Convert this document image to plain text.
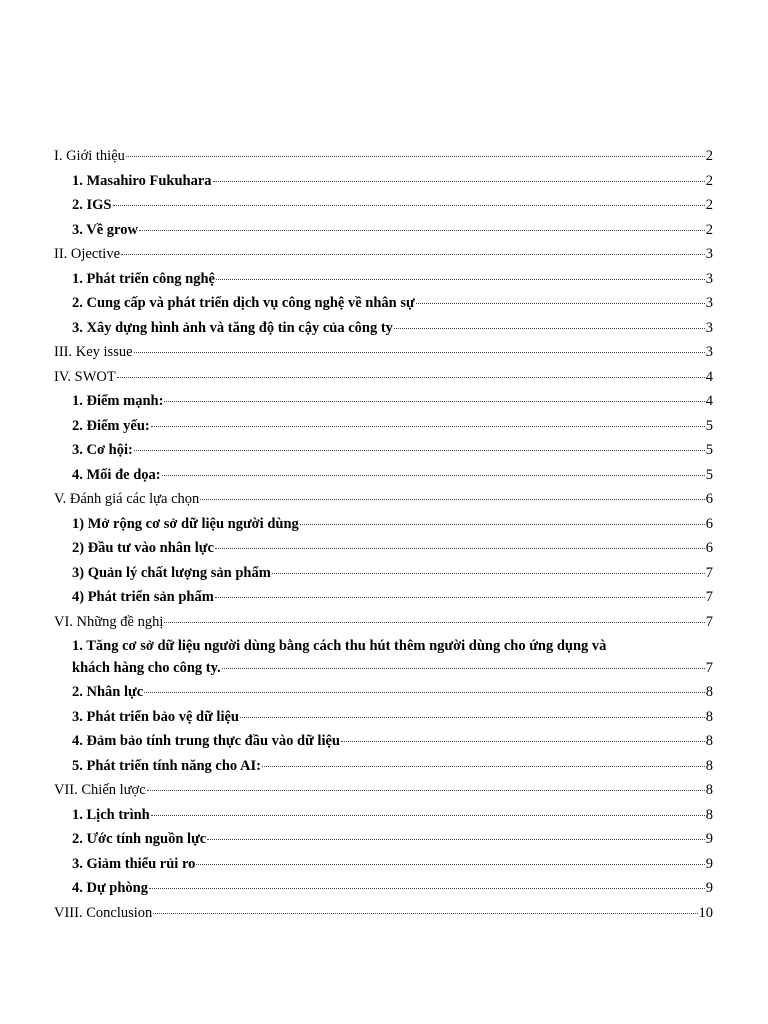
I. Giới thiệu	2
1. Masahiro Fukuhara	2
2. IGS	2
3. Về grow	2
II. Ojective	3
1. Phát triển công nghệ	3
2. Cung cấp và phát triển dịch vụ công nghệ về nhân sự	3
3. Xây dựng hình ảnh và tăng độ tin cậy của công ty	3
III. Key issue	3
IV. SWOT	4
1. Điểm mạnh:	4
2. Điểm yếu:	5
3. Cơ hội:	5
4. Mối đe dọa:	5
V. Đánh giá các lựa chọn	6
1) Mở rộng cơ sở dữ liệu người dùng	6
2) Đầu tư vào nhân lực	6
3) Quản lý chất lượng sản phẩm	7
4) Phát triển sản phẩm	7
VI. Những đề nghị	7
1. Tăng cơ sở dữ liệu người dùng bằng cách thu hút thêm người dùng cho ứng dụng và
khách hàng cho công ty.	7
2. Nhân lực	8
3. Phát triển bảo vệ dữ liệu	8
4. Đảm bảo tính trung thực đầu vào dữ liệu	8
5. Phát triển tính năng cho AI:	8
VII. Chiến lược	8
1. Lịch trình	8
2. Ước tính nguồn lực	9
3. Giảm thiểu rủi ro	9
4. Dự phòng	9
VIII. Conclusion	10
